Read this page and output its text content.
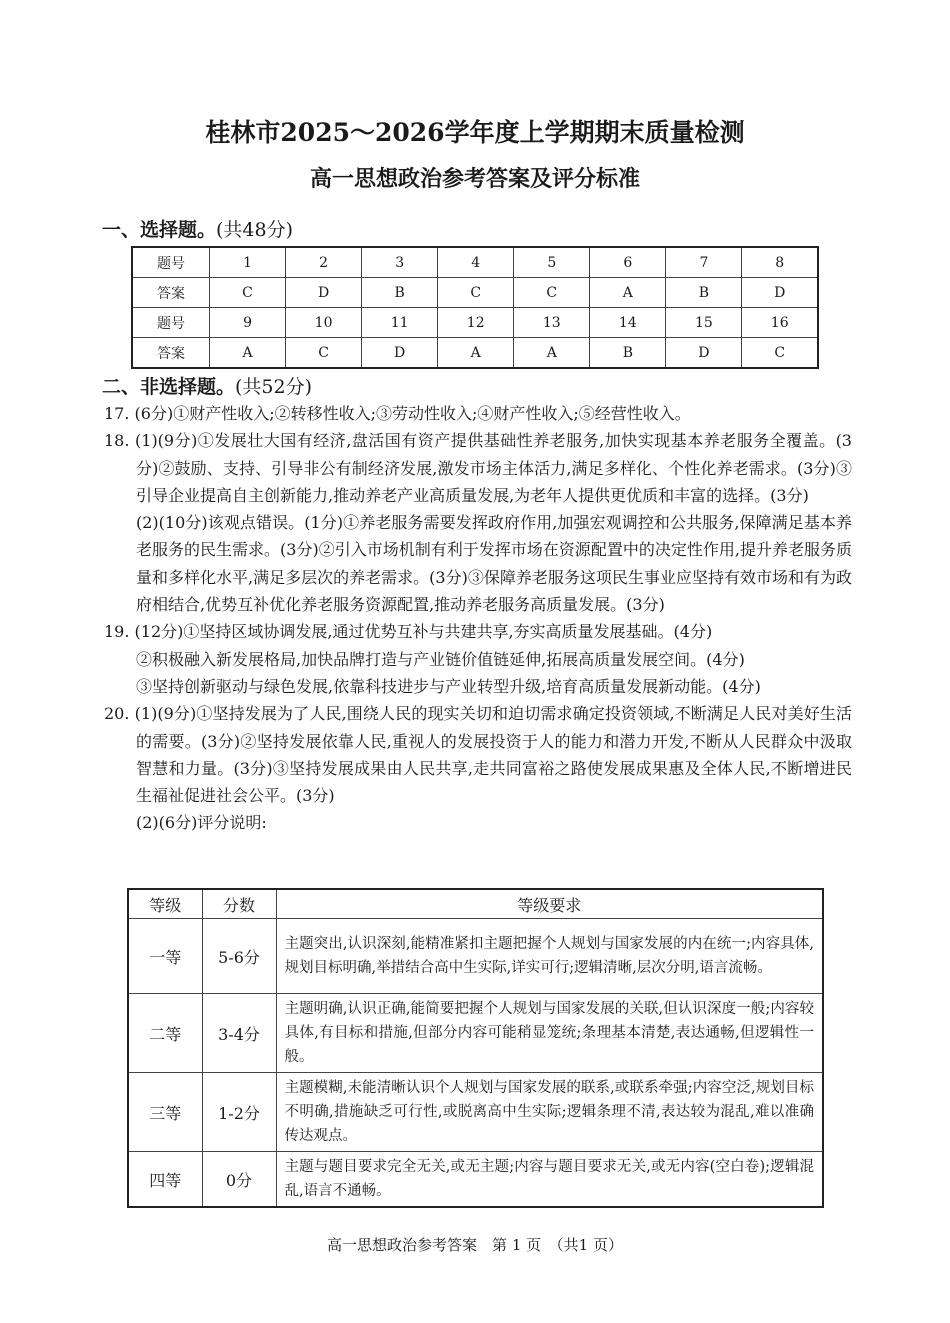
桂林市2025～2026学年度上学期期末质量检测
高一思想政治参考答案及评分标准
一、选择题。(共48分)
题号	1	2	3	4	5	6	7	8
答案	C	D	B	C	C	A	B	D
题号	9	10	11	12	13	14	15	16
答案	A	C	D	A	A	B	D	C
二、非选择题。(共52分)

17. (6分)①财产性收入;②转移性收入;③劳动性收入;④财产性收入;⑤经营性收入。

18. (1)(9分)①发展壮大国有经济,盘活国有资产提供基础性养老服务,加快实现基本养老服务全覆盖。(3分)②鼓励、支持、引导非公有制经济发展,激发市场主体活力,满足多样化、个性化养老需求。(3分)③引导企业提高自主创新能力,推动养老产业高质量发展,为老年人提供更优质和丰富的选择。(3分)

(2)(10分)该观点错误。(1分)①养老服务需要发挥政府作用,加强宏观调控和公共服务,保障满足基本养老服务的民生需求。(3分)②引入市场机制有利于发挥市场在资源配置中的决定性作用,提升养老服务质量和多样化水平,满足多层次的养老需求。(3分)③保障养老服务这项民生事业应坚持有效市场和有为政府相结合,优势互补优化养老服务资源配置,推动养老服务高质量发展。(3分)

19. (12分)①坚持区域协调发展,通过优势互补与共建共享,夯实高质量发展基础。(4分)

②积极融入新发展格局,加快品牌打造与产业链价值链延伸,拓展高质量发展空间。(4分)

③坚持创新驱动与绿色发展,依靠科技进步与产业转型升级,培育高质量发展新动能。(4分)

20. (1)(9分)①坚持发展为了人民,围绕人民的现实关切和迫切需求确定投资领域,不断满足人民对美好生活的需要。(3分)②坚持发展依靠人民,重视人的发展投资于人的能力和潜力开发,不断从人民群众中汲取智慧和力量。(3分)③坚持发展成果由人民共享,走共同富裕之路使发展成果惠及全体人民,不断增进民生福祉促进社会公平。(3分)

(2)(6分)评分说明:

等级	分数	等级要求
一等	5-6分	主题突出,认识深刻,能精准紧扣主题把握个人规划与国家发展的内在统一;内容具体,规划目标明确,举措结合高中生实际,详实可行;逻辑清晰,层次分明,语言流畅。
二等	3-4分	主题明确,认识正确,能简要把握个人规划与国家发展的关联,但认识深度一般;内容较具体,有目标和措施,但部分内容可能稍显笼统;条理基本清楚,表达通畅,但逻辑性一般。
三等	1-2分	主题模糊,未能清晰认识个人规划与国家发展的联系,或联系牵强;内容空泛,规划目标不明确,措施缺乏可行性,或脱离高中生实际;逻辑条理不清,表达较为混乱,难以准确传达观点。
四等	0分	主题与题目要求完全无关,或无主题;内容与题目要求无关,或无内容(空白卷);逻辑混乱,语言不通畅。
高一思想政治参考答案　第 1 页　（共1 页）
